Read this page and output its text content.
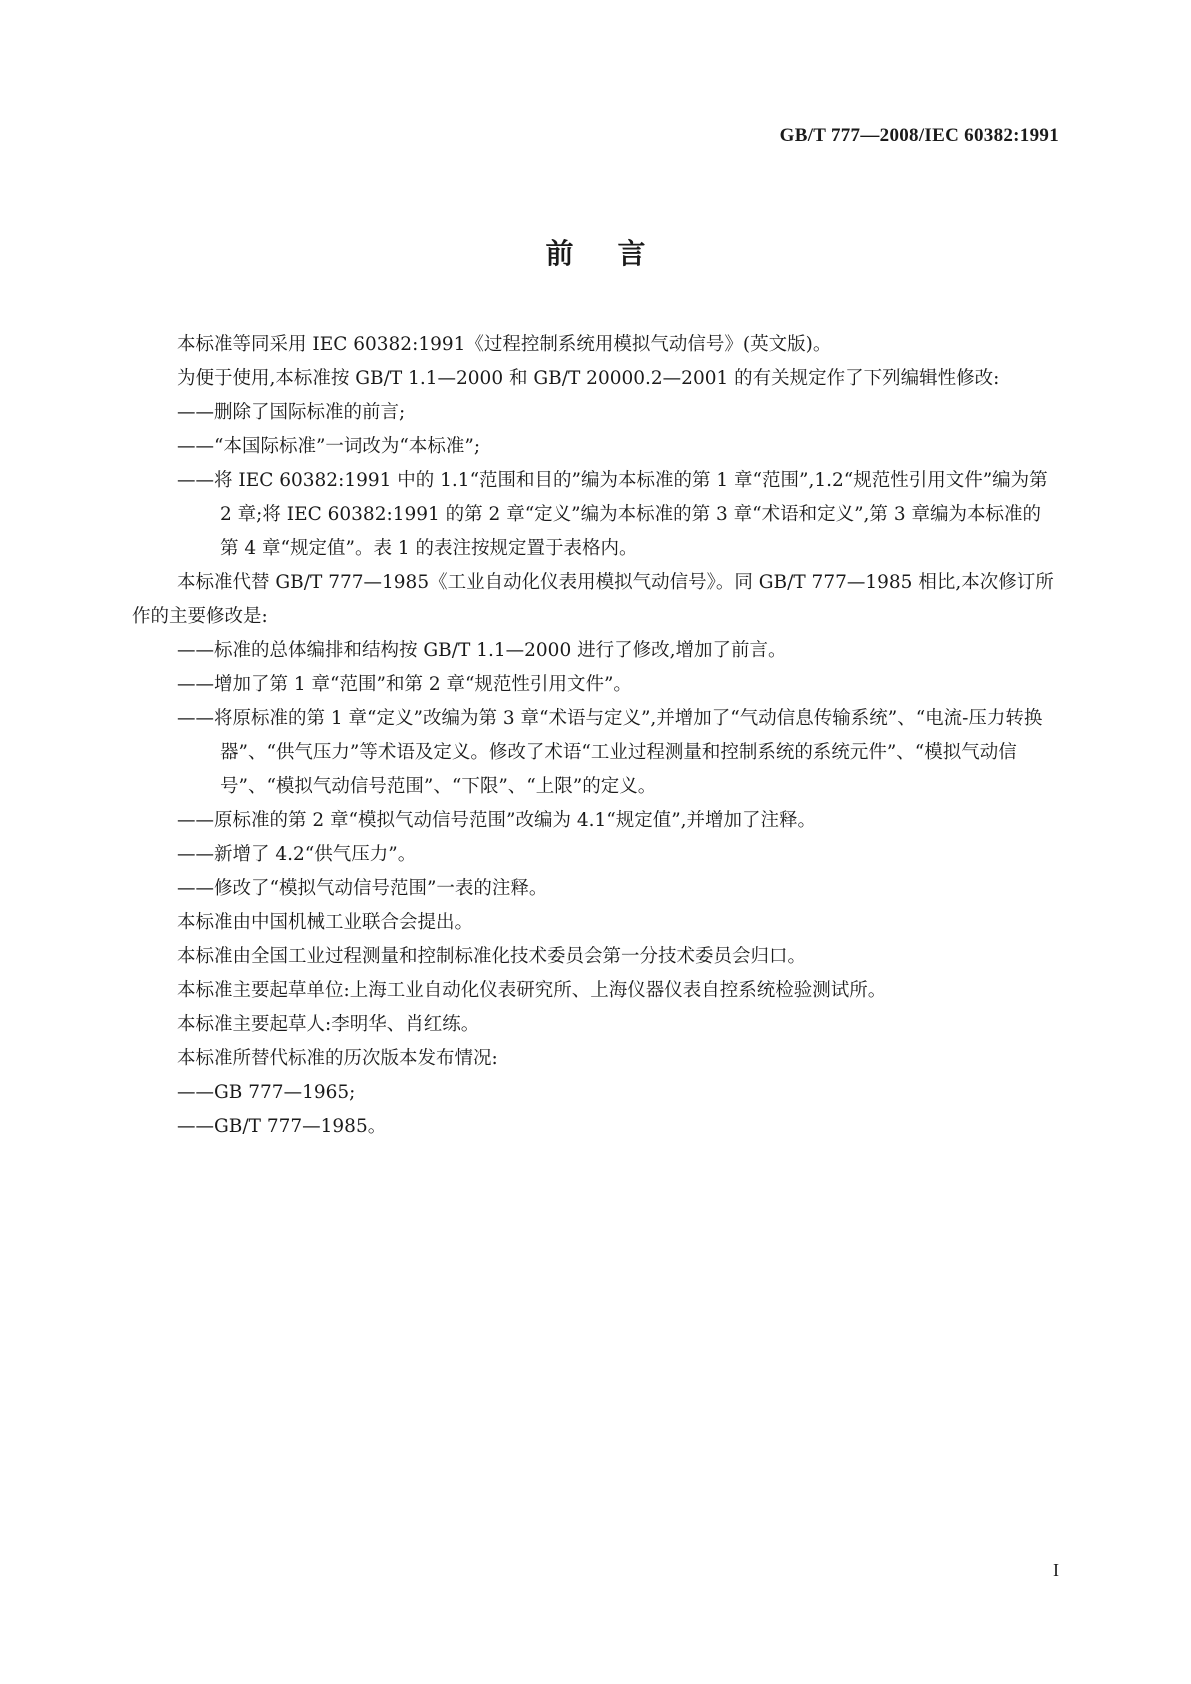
GB/T 777—2008/IEC 60382:1991
前言

本标准等同采用 IEC 60382:1991《过程控制系统用模拟气动信号》(英文版)。

为便于使用,本标准按 GB/T 1.1—2000 和 GB/T 20000.2—2001 的有关规定作了下列编辑性修改:

——删除了国际标准的前言;

——“本国际标准”一词改为“本标准”;

——将 IEC 60382:1991 中的 1.1“范围和目的”编为本标准的第 1 章“范围”,1.2“规范性引用文件”编为第 2 章;将 IEC 60382:1991 的第 2 章“定义”编为本标准的第 3 章“术语和定义”,第 3 章编为本标准的第 4 章“规定值”。表 1 的表注按规定置于表格内。

本标准代替 GB/T 777—1985《工业自动化仪表用模拟气动信号》。同 GB/T 777—1985 相比,本次修订所作的主要修改是:

——标准的总体编排和结构按 GB/T 1.1—2000 进行了修改,增加了前言。

——增加了第 1 章“范围”和第 2 章“规范性引用文件”。

——将原标准的第 1 章“定义”改编为第 3 章“术语与定义”,并增加了“气动信息传输系统”、“电流-压力转换器”、“供气压力”等术语及定义。修改了术语“工业过程测量和控制系统的系统元件”、“模拟气动信号”、“模拟气动信号范围”、“下限”、“上限”的定义。

——原标准的第 2 章“模拟气动信号范围”改编为 4.1“规定值”,并增加了注释。

——新增了 4.2“供气压力”。

——修改了“模拟气动信号范围”一表的注释。

本标准由中国机械工业联合会提出。

本标准由全国工业过程测量和控制标准化技术委员会第一分技术委员会归口。

本标准主要起草单位:上海工业自动化仪表研究所、上海仪器仪表自控系统检验测试所。

本标准主要起草人:李明华、肖红练。

本标准所替代标准的历次版本发布情况:

——GB 777—1965;

——GB/T 777—1985。

I
